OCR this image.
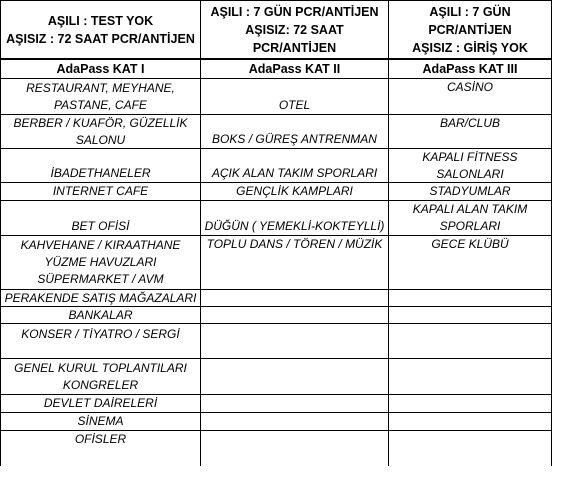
AŞILI : TEST YOK
AŞISIZ : 72 SAAT PCR/ANTİJEN
AŞILI : 7 GÜN PCR/ANTİJEN
AŞISIZ: 72 SAAT
PCR/ANTİJEN
AŞILI : 7 GÜN
PCR/ANTİJEN
AŞISIZ : GİRİŞ YOK
AdaPass KAT I	AdaPass KAT II	AdaPass KAT III
RESTAURANT, MEYHANE,
PASTANE, CAFE
BERBER / KUAFÖR, GÜZELLİK
SALONU
İBADETHANELER
INTERNET CAFE
BET OFİSİ
KAHVEHANE / KIRAATHANE
YÜZME HAVUZLARI
SÜPERMARKET / AVM
PERAKENDE SATIŞ MAĞAZALARI
BANKALAR
KONSER / TİYATRO / SERGİ
GENEL KURUL TOPLANTILARI
KONGRELER
DEVLET DAİRELERİ
SİNEMA
OFİSLER
OTEL
BOKS / GÜREŞ ANTRENMAN
AÇIK ALAN TAKIM SPORLARI
GENÇLİK KAMPLARI
DÜĞÜN ( YEMEKLİ-KOKTEYLLİ)
TOPLU DANS / TÖREN / MÜZİK
CASİNO
BAR/CLUB
KAPALI FİTNESS
SALONLARI
STADYUMLAR
KAPALI ALAN TAKIM
SPORLARI
GECE KLÜBÜ
